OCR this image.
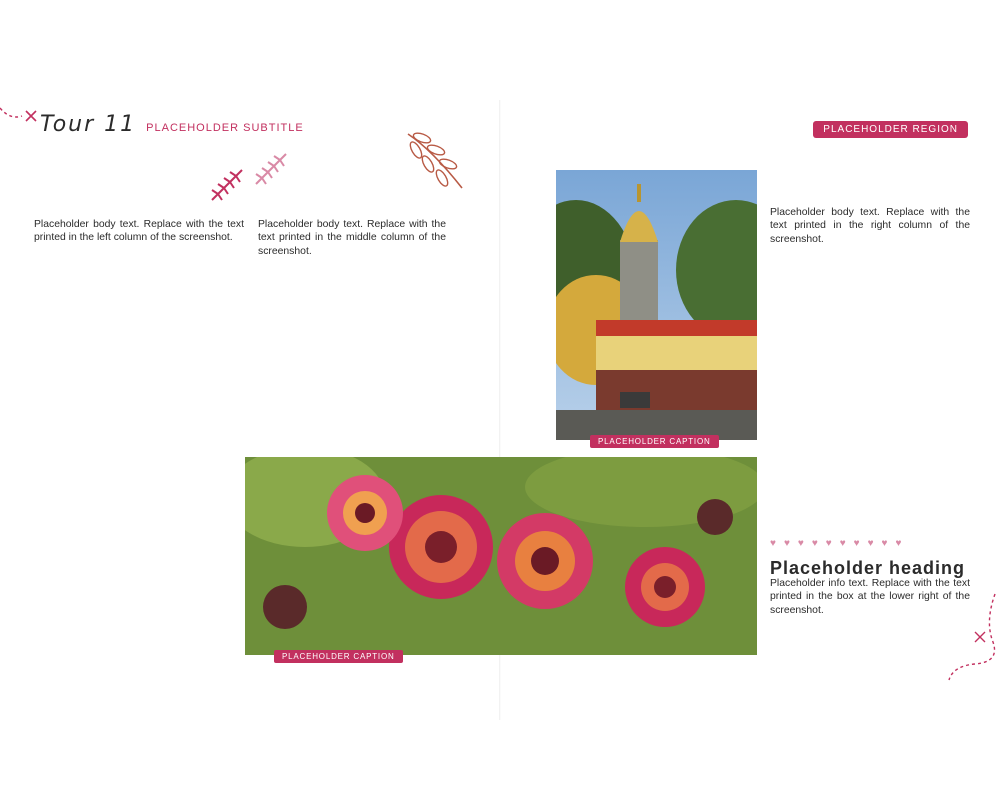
Tour 11 PLACEHOLDER SUBTITLE	PLACEHOLDER REGION

Placeholder body text. Replace with the text printed in the left column of the screenshot.

Placeholder body text. Replace with the text printed in the middle column of the screenshot.

PLACEHOLDER CAPTION
PLACEHOLDER CAPTION

Placeholder body text. Replace with the text printed in the right column of the screenshot.

♥ ♥ ♥ ♥ ♥ ♥ ♥ ♥ ♥ ♥
Placeholder heading
Placeholder info text. Replace with the text printed in the box at the lower right of the screenshot.
